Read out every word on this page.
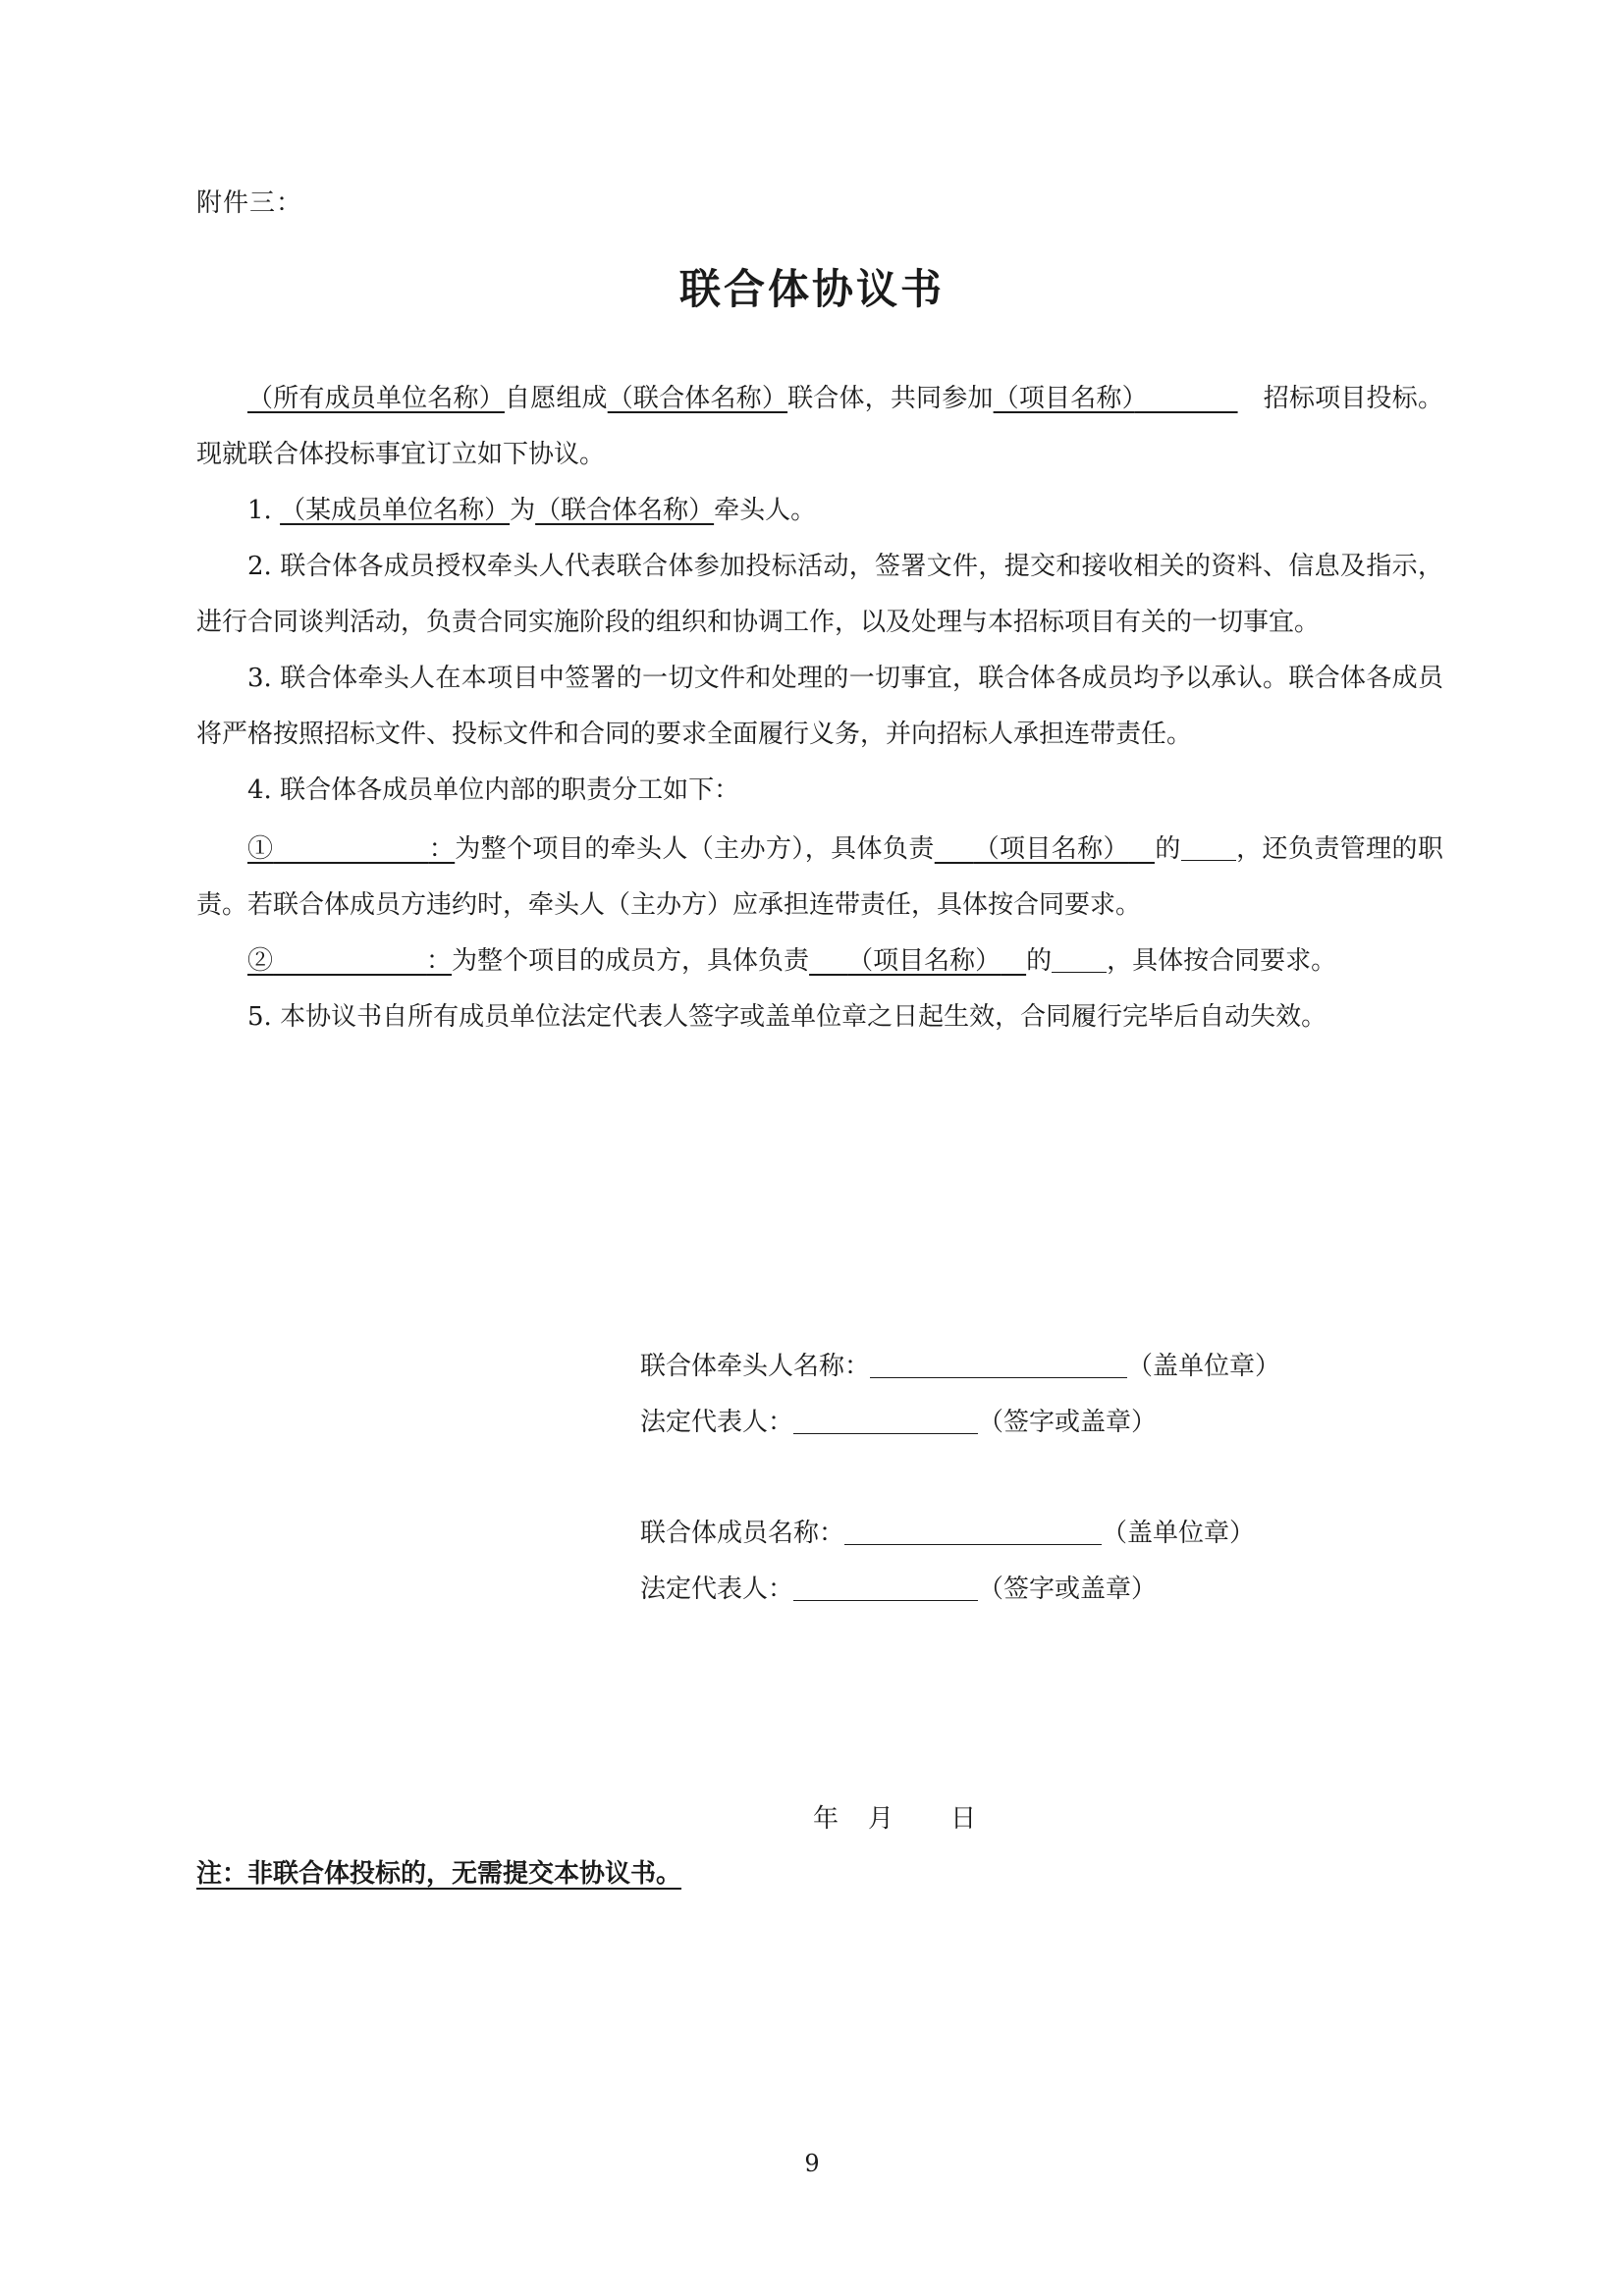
附件三：
联合体协议书

（所有成员单位名称）自愿组成（联合体名称）联合体，共同参加（项目名称）　　　　　	招标项目投标。现就联合体投标事宜订立如下协议。

1. （某成员单位名称）为（联合体名称）牵头人。

2. 联合体各成员授权牵头人代表联合体参加投标活动，签署文件，提交和接收相关的资料、信息及指示，进行合同谈判活动，负责合同实施阶段的组织和协调工作，以及处理与本招标项目有关的一切事宜。

3. 联合体牵头人在本项目中签署的一切文件和处理的一切事宜，联合体各成员均予以承认。联合体各成员将严格按照招标文件、投标文件和合同的要求全面履行义务，并向招标人承担连带责任。

4. 联合体各成员单位内部的职责分工如下：

①　　　　　　	：为整个项目的牵头人（主办方），具体负责　  （项目名称）   的 ，还负责管理的职责。若联合体成员方违约时，牵头人（主办方）应承担连带责任，具体按合同要求。

②　　　　　　	：为整个项目的成员方，具体负责　  （项目名称）   的 ，具体按合同要求。

5. 本协议书自所有成员单位法定代表人签字或盖单位章之日起生效，合同履行完毕后自动失效。

联合体牵头人名称：	（盖单位章）
法定代表人：	（签字或盖章）
联合体成员名称：	（盖单位章）
法定代表人：	（签字或盖章）
年　 月　　 日
注：非联合体投标的，无需提交本协议书。
9
